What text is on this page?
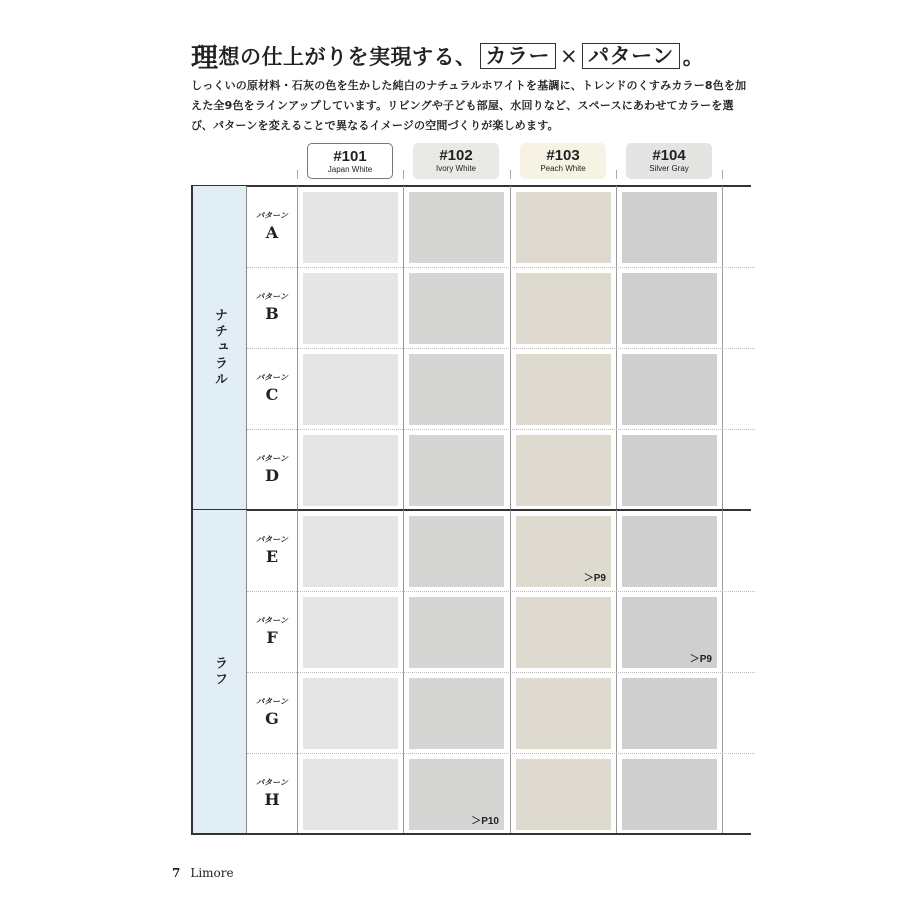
理 想の仕上がりを実現する、 カラー × パターン 。
しっくいの原材料・石灰の色を生かした純白のナチュラルホワイトを基調に、トレンドのくすみカラー8色を加えた全9色をラインアップしています。リビングや子ども部屋、水回りなど、スペースにあわせてカラーを選び、パターンを変えることで異なるイメージの空間づくりが楽しめます。
#101
Japan White
#102
Ivory White
#103
Peach White
#104
Silver Gray
ナチュラル
パターン
A
パターン
B
パターン
C
パターン
D
ラフ
パターン
E
＞P9
パターン
F
＞P9
パターン
G
パターン
H
＞P10
7 Limore
